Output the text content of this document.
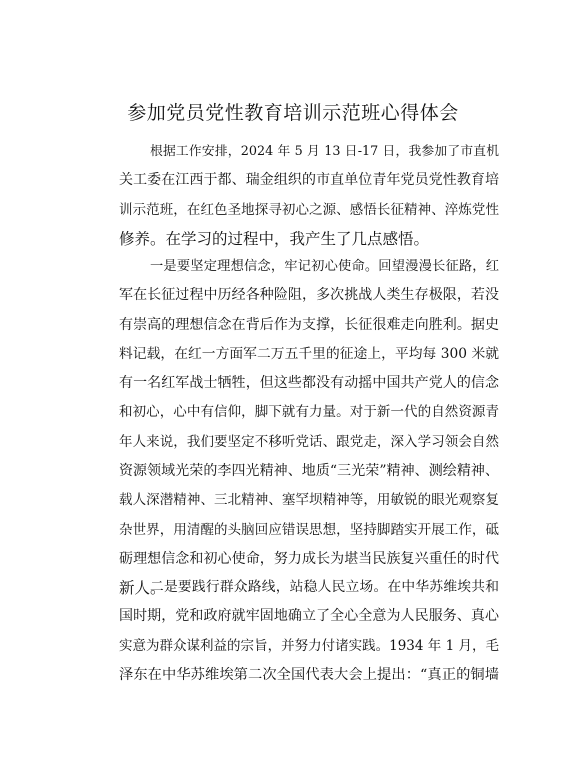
参加党员党性教育培训示范班心得体会
根据工作安排，2024 年 5 月 13 日-17 日，我参加了市直机
关工委在江西于都、瑞金组织的市直单位青年党员党性教育培
训示范班，在红色圣地探寻初心之源、感悟长征精神、淬炼党性
修养。在学习的过程中，我产生了几点感悟。
一是要坚定理想信念，牢记初心使命。回望漫漫长征路，红
军在长征过程中历经各种险阻，多次挑战人类生存极限，若没
有崇高的理想信念在背后作为支撑，长征很难走向胜利。据史
料记载，在红一方面军二万五千里的征途上，平均每 300 米就
有一名红军战士牺牲，但这些都没有动摇中国共产党人的信念
和初心，心中有信仰，脚下就有力量。对于新一代的自然资源青
年人来说，我们要坚定不移听党话、跟党走，深入学习领会自然
资源领域光荣的李四光精神、地质“三光荣”精神、测绘精神、
载人深潜精神、三北精神、塞罕坝精神等，用敏锐的眼光观察复
杂世界，用清醒的头脑回应错误思想，坚持脚踏实开展工作，砥
砺理想信念和初心使命，努力成长为堪当民族复兴重任的时代
新人。
二是要践行群众路线，站稳人民立场。在中华苏维埃共和
国时期，党和政府就牢固地确立了全心全意为人民服务、真心
实意为群众谋利益的宗旨，并努力付诸实践。1934 年 1 月，毛
泽东在中华苏维埃第二次全国代表大会上提出：“真正的铜墙
